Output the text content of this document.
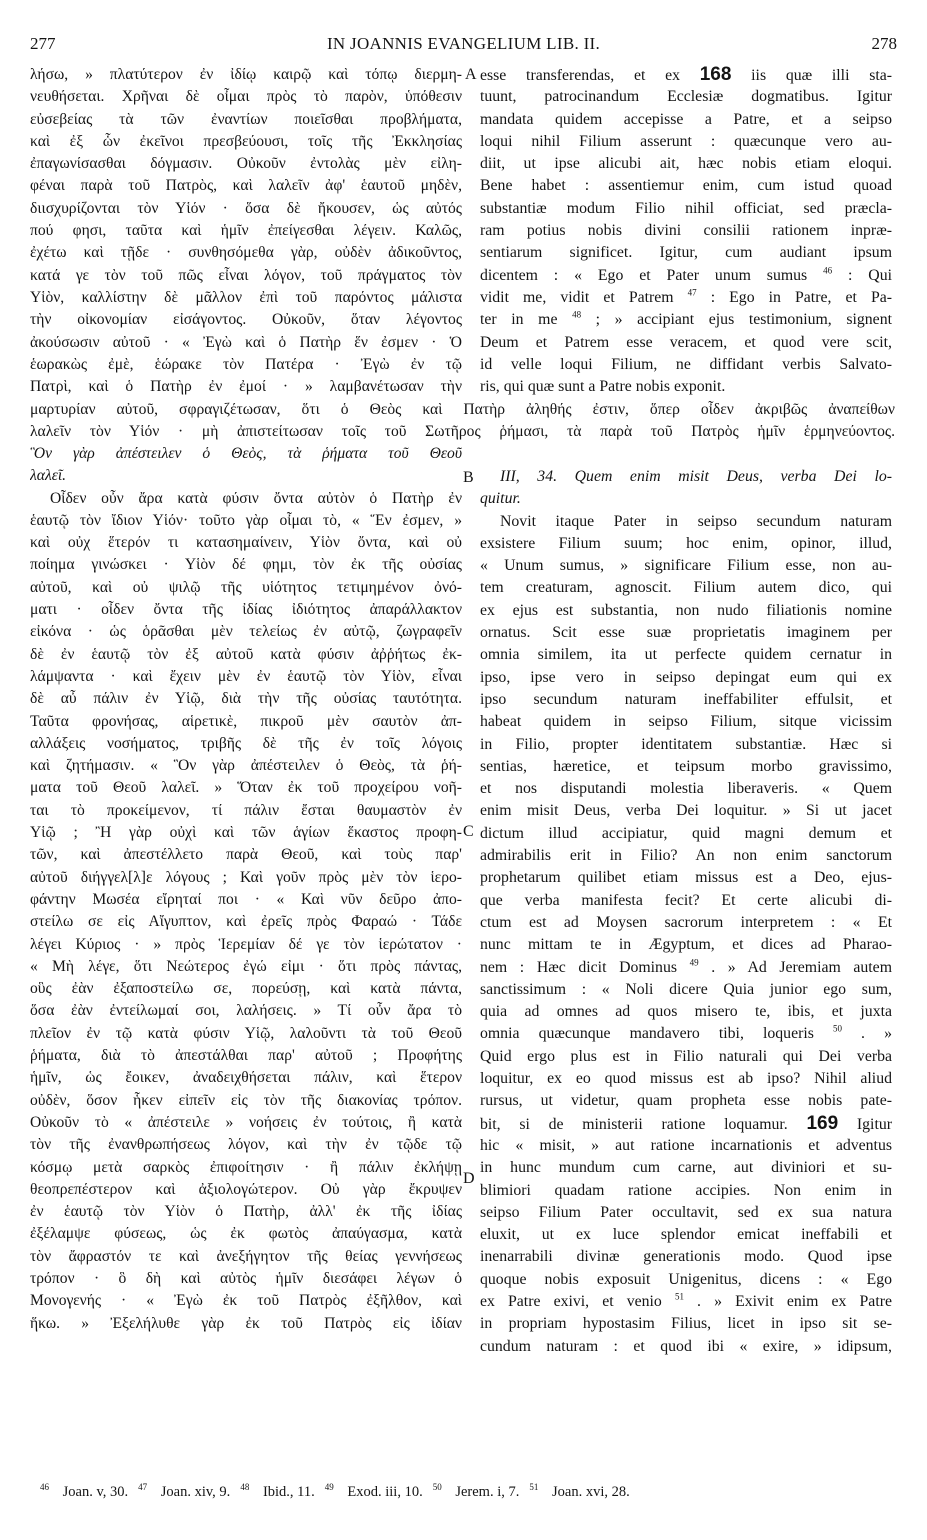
277	IN JOANNIS EVANGELIUM LIB. II.	278
λήσω, » πλατύτερον ἐν ἰδίῳ καιρῷ καὶ τόπῳ διερμη-
νευθήσεται. Χρῆναι δὲ οἶμαι πρὸς τὸ παρὸν, ὑπόθεσιν
εὐσεβείας τὰ τῶν ἐναντίων ποιεῖσθαι προβλήματα,
καὶ ἐξ ὧν ἐκεῖνοι πρεσβεύουσι, τοῖς τῆς Ἐκκλησίας
ἐπαγωνίσασθαι δόγμασιν. Οὐκοῦν ἐντολὰς μὲν εἰλη-
φέναι παρὰ τοῦ Πατρὸς, καὶ λαλεῖν ἀφ' ἑαυτοῦ μηδὲν,
διισχυρίζονται τὸν Υἱόν · ὅσα δὲ ἤκουσεν, ὡς αὐτός
πού φησι, ταῦτα καὶ ἡμῖν ἐπείγεσθαι λέγειν. Καλῶς,
ἐχέτω καὶ τῇδε · συνθησόμεθα γὰρ, οὐδὲν ἀδικοῦντος,
κατά γε τὸν τοῦ πῶς εἶναι λόγον, τοῦ πράγματος τὸν
Υἱὸν, καλλίστην δὲ μᾶλλον ἐπὶ τοῦ παρόντος μάλιστα
τὴν οἰκονομίαν εἰσάγοντος. Οὐκοῦν, ὅταν λέγοντος
ἀκούσωσιν αὐτοῦ · « Ἐγὼ καὶ ὁ Πατὴρ ἕν ἐσμεν · Ὁ
ἑωρακὼς ἐμὲ, ἑώρακε τὸν Πατέρα · Ἐγὼ ἐν τῷ
Πατρὶ, καὶ ὁ Πατὴρ ἐν ἐμοί · » λαμβανέτωσαν τὴν
esse transferendas, et ex 168 iis quæ illi sta-
tuunt, patrocinandum Ecclesiæ dogmatibus. Igitur
mandata quidem accepisse a Patre, et a seipso
loqui nihil Filium asserunt : quæcunque vero au-
diit, ut ipse alicubi ait, hæc nobis etiam eloqui.
Bene habet : assentiemur enim, cum istud quoad
substantiæ modum Filio nihil officiat, sed præcla-
ram potius nobis divini consilii rationem inpræ-
sentiarum significet. Igitur, cum audiant ipsum
dicentem : « Ego et Pater unum sumus $^{46}$ : Qui
vidit me, vidit et Patrem $^{47}$ : Ego in Patre, et Pa-
ter in me $^{48}$ ; » accipiant ejus testimonium, signent
Deum et Patrem esse veracem, et quod vere scit,
id velle loqui Filium, ne diffidant verbis Salvato-
ris, qui quæ sunt a Patre nobis exponit.
μαρτυρίαν αὐτοῦ, σφραγιζέτωσαν, ὅτι ὁ Θεὸς καὶ Πατὴρ ἀληθής ἐστιν, ὅπερ οἶδεν ἀκριβῶς ἀναπείθων
λαλεῖν τὸν Υἱόν · μὴ ἀπιστείτωσαν τοῖς τοῦ Σωτῆρος ῥήμασι, τὰ παρὰ τοῦ Πατρὸς ἡμῖν ἑρμηνεύοντος.
Ὃν γὰρ ἀπέστειλεν ὁ Θεὸς, τὰ ῥήματα τοῦ Θεοῦ
λαλεῖ.
Οἶδεν οὖν ἄρα κατὰ φύσιν ὄντα αὐτὸν ὁ Πατὴρ ἐν
ἑαυτῷ τὸν ἴδιον Υἱόν· τοῦτο γὰρ οἶμαι τὸ, « Ἕν ἐσμεν, »
καὶ οὐχ ἕτερόν τι κατασημαίνειν, Υἱὸν ὄντα, καὶ οὐ
ποίημα γινώσκει · Υἱὸν δέ φημι, τὸν ἐκ τῆς οὐσίας
αὐτοῦ, καὶ οὐ ψιλῷ τῆς υἱότητος τετιμημένον ὀνό-
ματι · οἶδεν ὄντα τῆς ἰδίας ἰδιότητος ἀπαράλλακτον
εἰκόνα · ὡς ὁρᾶσθαι μὲν τελείως ἐν αὐτῷ, ζωγραφεῖν
δὲ ἐν ἑαυτῷ τὸν ἐξ αὐτοῦ κατὰ φύσιν ἀῤῥήτως ἐκ-
λάμψαντα · καὶ ἔχειν μὲν ἐν ἑαυτῷ τὸν Υἱὸν, εἶναι
δὲ αὖ πάλιν ἐν Υἱῷ, διὰ τὴν τῆς οὐσίας ταυτότητα.
Ταῦτα φρονήσας, αἱρετικὲ, πικροῦ μὲν σαυτὸν ἀπ-
αλλάξεις νοσήματος, τριβῆς δὲ τῆς ἐν τοῖς λόγοις
καὶ ζητήμασιν. « Ὃν γὰρ ἀπέστειλεν ὁ Θεὸς, τὰ ῥή-
ματα τοῦ Θεοῦ λαλεῖ. » Ὅταν ἐκ τοῦ προχείρου νοῆ-
ται τὸ προκείμενον, τί πάλιν ἔσται θαυμαστὸν ἐν
Υἱῷ ; Ἢ γὰρ οὐχὶ καὶ τῶν ἁγίων ἕκαστος προφη-
τῶν, καὶ ἀπεστέλλετο παρὰ Θεοῦ, καὶ τοὺς παρ'
αὐτοῦ διήγγελ[λ]ε λόγους ; Καὶ γοῦν πρὸς μὲν τὸν ἱερο-
φάντην Μωσέα εἴρηταί ποι · « Καὶ νῦν δεῦρο ἀπο-
στείλω σε εἰς Αἴγυπτον, καὶ ἐρεῖς πρὸς Φαραώ · Τάδε
λέγει Κύριος · » πρὸς Ἱερεμίαν δέ γε τὸν ἱερώτατον ·
« Μὴ λέγε, ὅτι Νεώτερος ἐγώ εἰμι · ὅτι πρὸς πάντας,
οὓς ἐὰν ἐξαποστείλω σε, πορεύσῃ, καὶ κατὰ πάντα,
ὅσα ἐὰν ἐντείλωμαί σοι, λαλήσεις. » Τί οὖν ἄρα τὸ
πλεῖον ἐν τῷ κατὰ φύσιν Υἱῷ, λαλοῦντι τὰ τοῦ Θεοῦ
ῥήματα, διὰ τὸ ἀπεστάλθαι παρ' αὐτοῦ ; Προφήτης
ἡμῖν, ὡς ἔοικεν, ἀναδειχθήσεται πάλιν, καὶ ἕτερον
οὐδὲν, ὅσον ἧκεν εἰπεῖν εἰς τὸν τῆς διακονίας τρόπον.
Οὐκοῦν τὸ « ἀπέστειλε » νοήσεις ἐν τούτοις, ἢ κατὰ
τὸν τῆς ἐνανθρωπήσεως λόγον, καὶ τὴν ἐν τῷδε τῷ
κόσμῳ μετὰ σαρκὸς ἐπιφοίτησιν · ἢ πάλιν ἐκλήψῃ
θεοπρεπέστερον καὶ ἀξιολογώτερον. Οὐ γὰρ ἔκρυψεν
ἐν ἑαυτῷ τὸν Υἱὸν ὁ Πατὴρ, ἀλλ' ἐκ τῆς ἰδίας
ἐξέλαμψε φύσεως, ὡς ἐκ φωτὸς ἀπαύγασμα, κατὰ
τὸν ἄφραστόν τε καὶ ἀνεξήγητον τῆς θείας γεννήσεως
τρόπον · ὃ δὴ καὶ αὐτὸς ἡμῖν διεσάφει λέγων ὁ
Μονογενής · « Ἐγὼ ἐκ τοῦ Πατρὸς ἐξῆλθον, καὶ
ἥκω. » Ἐξελήλυθε γὰρ ἐκ τοῦ Πατρὸς εἰς ἰδίαν
III, 34. Quem enim misit Deus, verba Dei lo-
quitur.
Novit itaque Pater in seipso secundum naturam
exsistere Filium suum; hoc enim, opinor, illud,
« Unum sumus, » significare Filium esse, non au-
tem creaturam, agnoscit. Filium autem dico, qui
ex ejus est substantia, non nudo filiationis nomine
ornatus. Scit esse suæ proprietatis imaginem per
omnia similem, ita ut perfecte quidem cernatur in
ipso, ipse vero in seipso depingat eum qui ex
ipso secundum naturam ineffabiliter effulsit, et
habeat quidem in seipso Filium, sitque vicissim
in Filio, propter identitatem substantiæ. Hæc si
sentias, hæretice, et teipsum morbo gravissimo,
et nos disputandi molestia liberaveris. « Quem
enim misit Deus, verba Dei loquitur. » Si ut jacet
dictum illud accipiatur, quid magni demum et
admirabilis erit in Filio? An non enim sanctorum
prophetarum quilibet etiam missus est a Deo, ejus-
que verba manifesta fecit? Et certe alicubi di-
ctum est ad Moysen sacrorum interpretem : « Et
nunc mittam te in Ægyptum, et dices ad Pharao-
nem : Hæc dicit Dominus $^{49}$ . » Ad Jeremiam autem
sanctissimum : « Noli dicere Quia junior ego sum,
quia ad omnes ad quos misero te, ibis, et juxta
omnia quæcunque mandavero tibi, loqueris $^{50}$ . »
Quid ergo plus est in Filio naturali qui Dei verba
loquitur, ex eo quod missus est ab ipso? Nihil aliud
rursus, ut videtur, quam propheta esse nobis pate-
bit, si de ministerii ratione loquamur. 169 Igitur
hic « misit, » aut ratione incarnationis et adventus
in hunc mundum cum carne, aut diviniori et su-
blimiori quadam ratione accipies. Non enim in
seipso Filium Pater occultavit, sed ex sua natura
eluxit, ut ex luce splendor emicat ineffabili et
inenarrabili divinæ generationis modo. Quod ipse
quoque nobis exposuit Unigenitus, dicens : « Ego
ex Patre exivi, et venio $^{51}$ . » Exivit enim ex Patre
in propriam hypostasim Filius, licet in ipso sit se-
cundum naturam : et quod ibi « exire, » idipsum,
A
B
C
D
$^{46}$ Joan. v, 30. $^{47}$ Joan. xiv, 9. $^{48}$ Ibid., 11. $^{49}$ Exod. iii, 10. $^{50}$ Jerem. i, 7. $^{51}$ Joan. xvi, 28.
